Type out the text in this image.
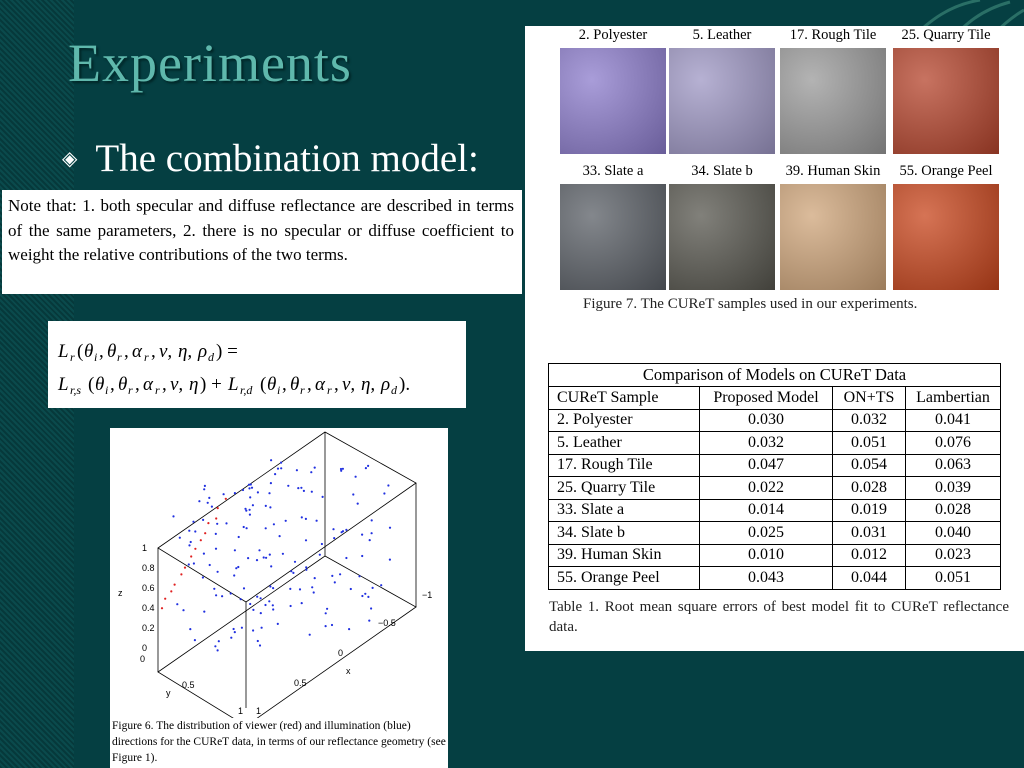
Experiments
◈ The combination model:
Note that: 1. both specular and diffuse reflectance are described in terms of the same parameters, 2. there is no specular or diffuse coefficient to weight the relative contributions of the two terms.
L r ( θ i , θ r , α r , ν, η, ρ d ) =
L r,s ( θ i , θ r , α r , ν, η ) + L r,d ( θ i , θ r , α r , ν, η, ρ d ).
1
0.8
0.6
0.4
0.2
0
−1
−0.5
0
0.5
1
0
0.5
1
z
x
y
Figure 6. The distribution of viewer (red) and illumination (blue) directions for the CUReT data, in terms of our reflectance geometry (see Figure 1).
2. Polyester	5. Leather	17. Rough Tile	25. Quarry Tile
33. Slate a	34. Slate b	39. Human Skin	55. Orange Peel
Figure 7. The CUReT samples used in our experiments.
Comparison of Models on CUReT Data			
CUReT Sample	Proposed Model	ON+TS	Lambertian
2. Polyester	0.030	0.032	0.041
5. Leather	0.032	0.051	0.076
17. Rough Tile	0.047	0.054	0.063
25. Quarry Tile	0.022	0.028	0.039
33. Slate a	0.014	0.019	0.028
34. Slate b	0.025	0.031	0.040
39. Human Skin	0.010	0.012	0.023
55. Orange Peel	0.043	0.044	0.051
Table 1. Root mean square errors of best model fit to CUReT reflectance data.
